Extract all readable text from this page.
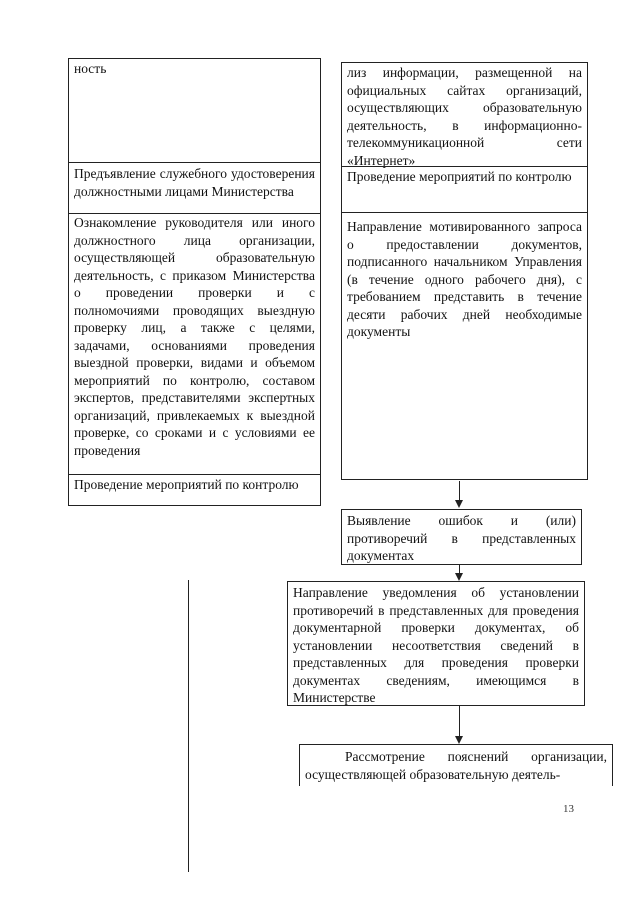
ность
Предъявление служебного удостоверения должностными лицами Министерства
Ознакомление руководителя или иного должностного лица организации, осуществляющей образовательную деятельность, с приказом Министерства о проведении проверки и с полномочиями проводящих выездную проверку лиц, а также с целями, задачами, основаниями проведения выездной проверки, видами и объемом мероприятий по контролю, составом экспертов, представителями экспертных организаций, привлекаемых к выездной проверке, со сроками и с условиями ее проведения
Проведение мероприятий по контролю
лиз информации, размещенной на официальных сайтах организаций, осуществляющих образовательную деятельность, в информационно-телекоммуникационной сети «Интернет»
Проведение мероприятий по контролю
Направление мотивированного запроса о предоставлении документов, подписанного начальником Управления (в течение одного рабочего дня), с требованием представить в течение десяти рабочих дней необходимые документы
Выявление ошибок и (или) противоречий в представленных документах
Направление уведомления об установлении противоречий в представленных для проведения документарной проверки документах, об установлении несоответствия сведений в представленных для проведения проверки документах сведениям, имеющимся в Министерстве
Рассмотрение пояснений организации, осуществляющей образовательную деятель-
13
